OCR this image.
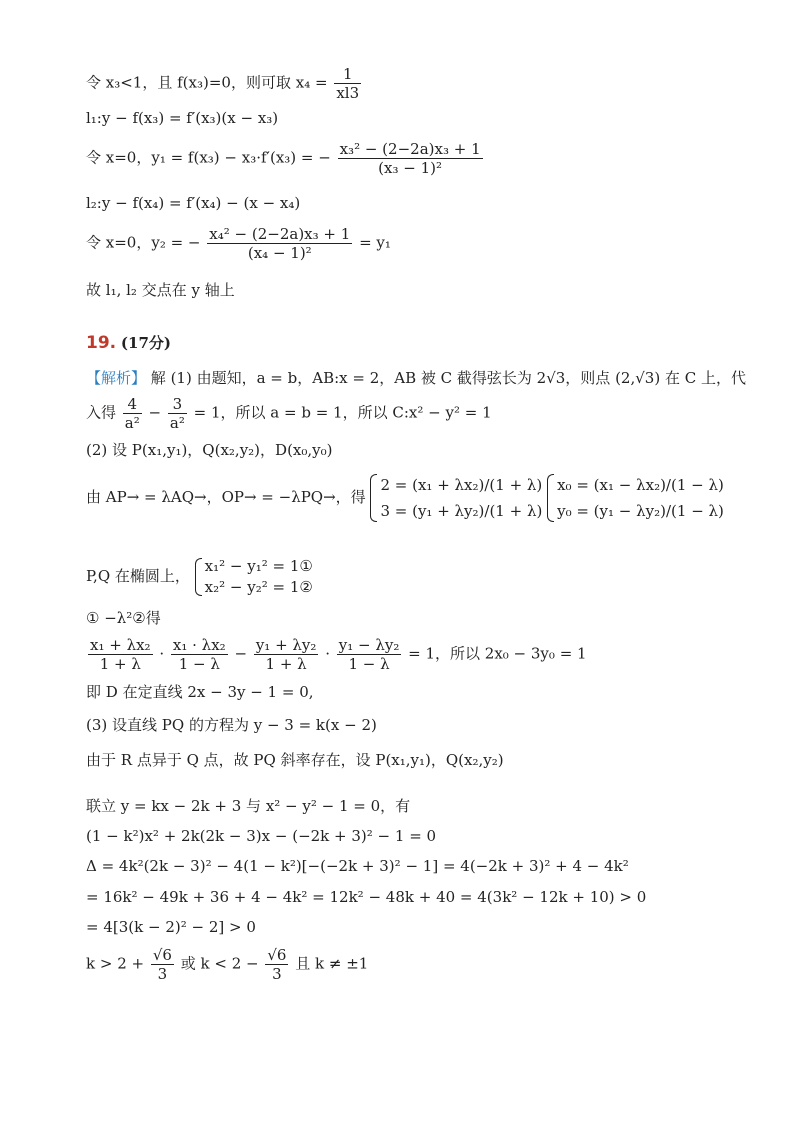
令 x₃<1，且 f(x₃)=0，则可取 $x_4 = \frac{1}{xl3}$
l₁:y − f(x₃) = f′(x₃)(x − x₃)
令 x=0，y₁ = f(x₃) − x₃·f′(x₃) = − $\frac{\text{x₃² − (2−2a)x₃ + 1}}{\text{(x₃ − 1)²}}$
l₂:y − f(x₄) = f′(x₄) − (x − x₄)
令 x=0，y₂ = − $\frac{\text{x₄² − (2−2a)x₃ + 1}}{\text{(x₄ − 1)²}} = y_1$
故 l₁, l₂ 交点在 y 轴上
19. (17分)
【解析】 解 (1) 由题知，a = b，AB:x = 2，AB 被 C 截得弦长为 2√3，则点 (2,√3) 在 C 上，代
入得 $\frac{4}{\text{a²}} - \frac{3}{\text{a²}} = 1$，所以 a = b = 1，所以 C:x² − y² = 1
(2) 设 P(x₁,y₁)，Q(x₂,y₂)，D(x₀,y₀)
由 AP→ = λAQ→，OP→ = −λPQ→，得
2 = (x₁ + λx₂)/(1 + λ)
3 = (y₁ + λy₂)/(1 + λ)

x₀ = (x₁ − λx₂)/(1 − λ)
y₀ = (y₁ − λy₂)/(1 − λ)
P,Q 在椭圆上，
x₁² − y₁² = 1①
x₂² − y₂² = 1②
① −λ²②得
$\frac{\text{x₁ + λx₂}}{1 + \lambda} \cdot \frac{\text{x₁ · λx₂}}{1 - \lambda} - \frac{\text{y₁ + λy₂}}{1 + \lambda} \cdot \frac{\text{y₁ − λy₂}}{1 - \lambda} = 1$，所以 2x₀ − 3y₀ = 1
即 D 在定直线 2x − 3y − 1 = 0,
(3) 设直线 PQ 的方程为 y − 3 = k(x − 2)
由于 R 点异于 Q 点，故 PQ 斜率存在，设 P(x₁,y₁)，Q(x₂,y₂)
联立 y = kx − 2k + 3 与 x² − y² − 1 = 0，有
(1 − k²)x² + 2k(2k − 3)x − (−2k + 3)² − 1 = 0
Δ = 4k²(2k − 3)² − 4(1 − k²)[−(−2k + 3)² − 1] = 4(−2k + 3)² + 4 − 4k²
= 16k² − 49k + 36 + 4 − 4k² = 12k² − 48k + 40 = 4(3k² − 12k + 10) > 0
= 4[3(k − 2)² − 2] > 0
$k > 2 + \frac{√6}{3}$ 或 $k < 2 - \frac{√6}{3}$ 且 k ≠ ±1
